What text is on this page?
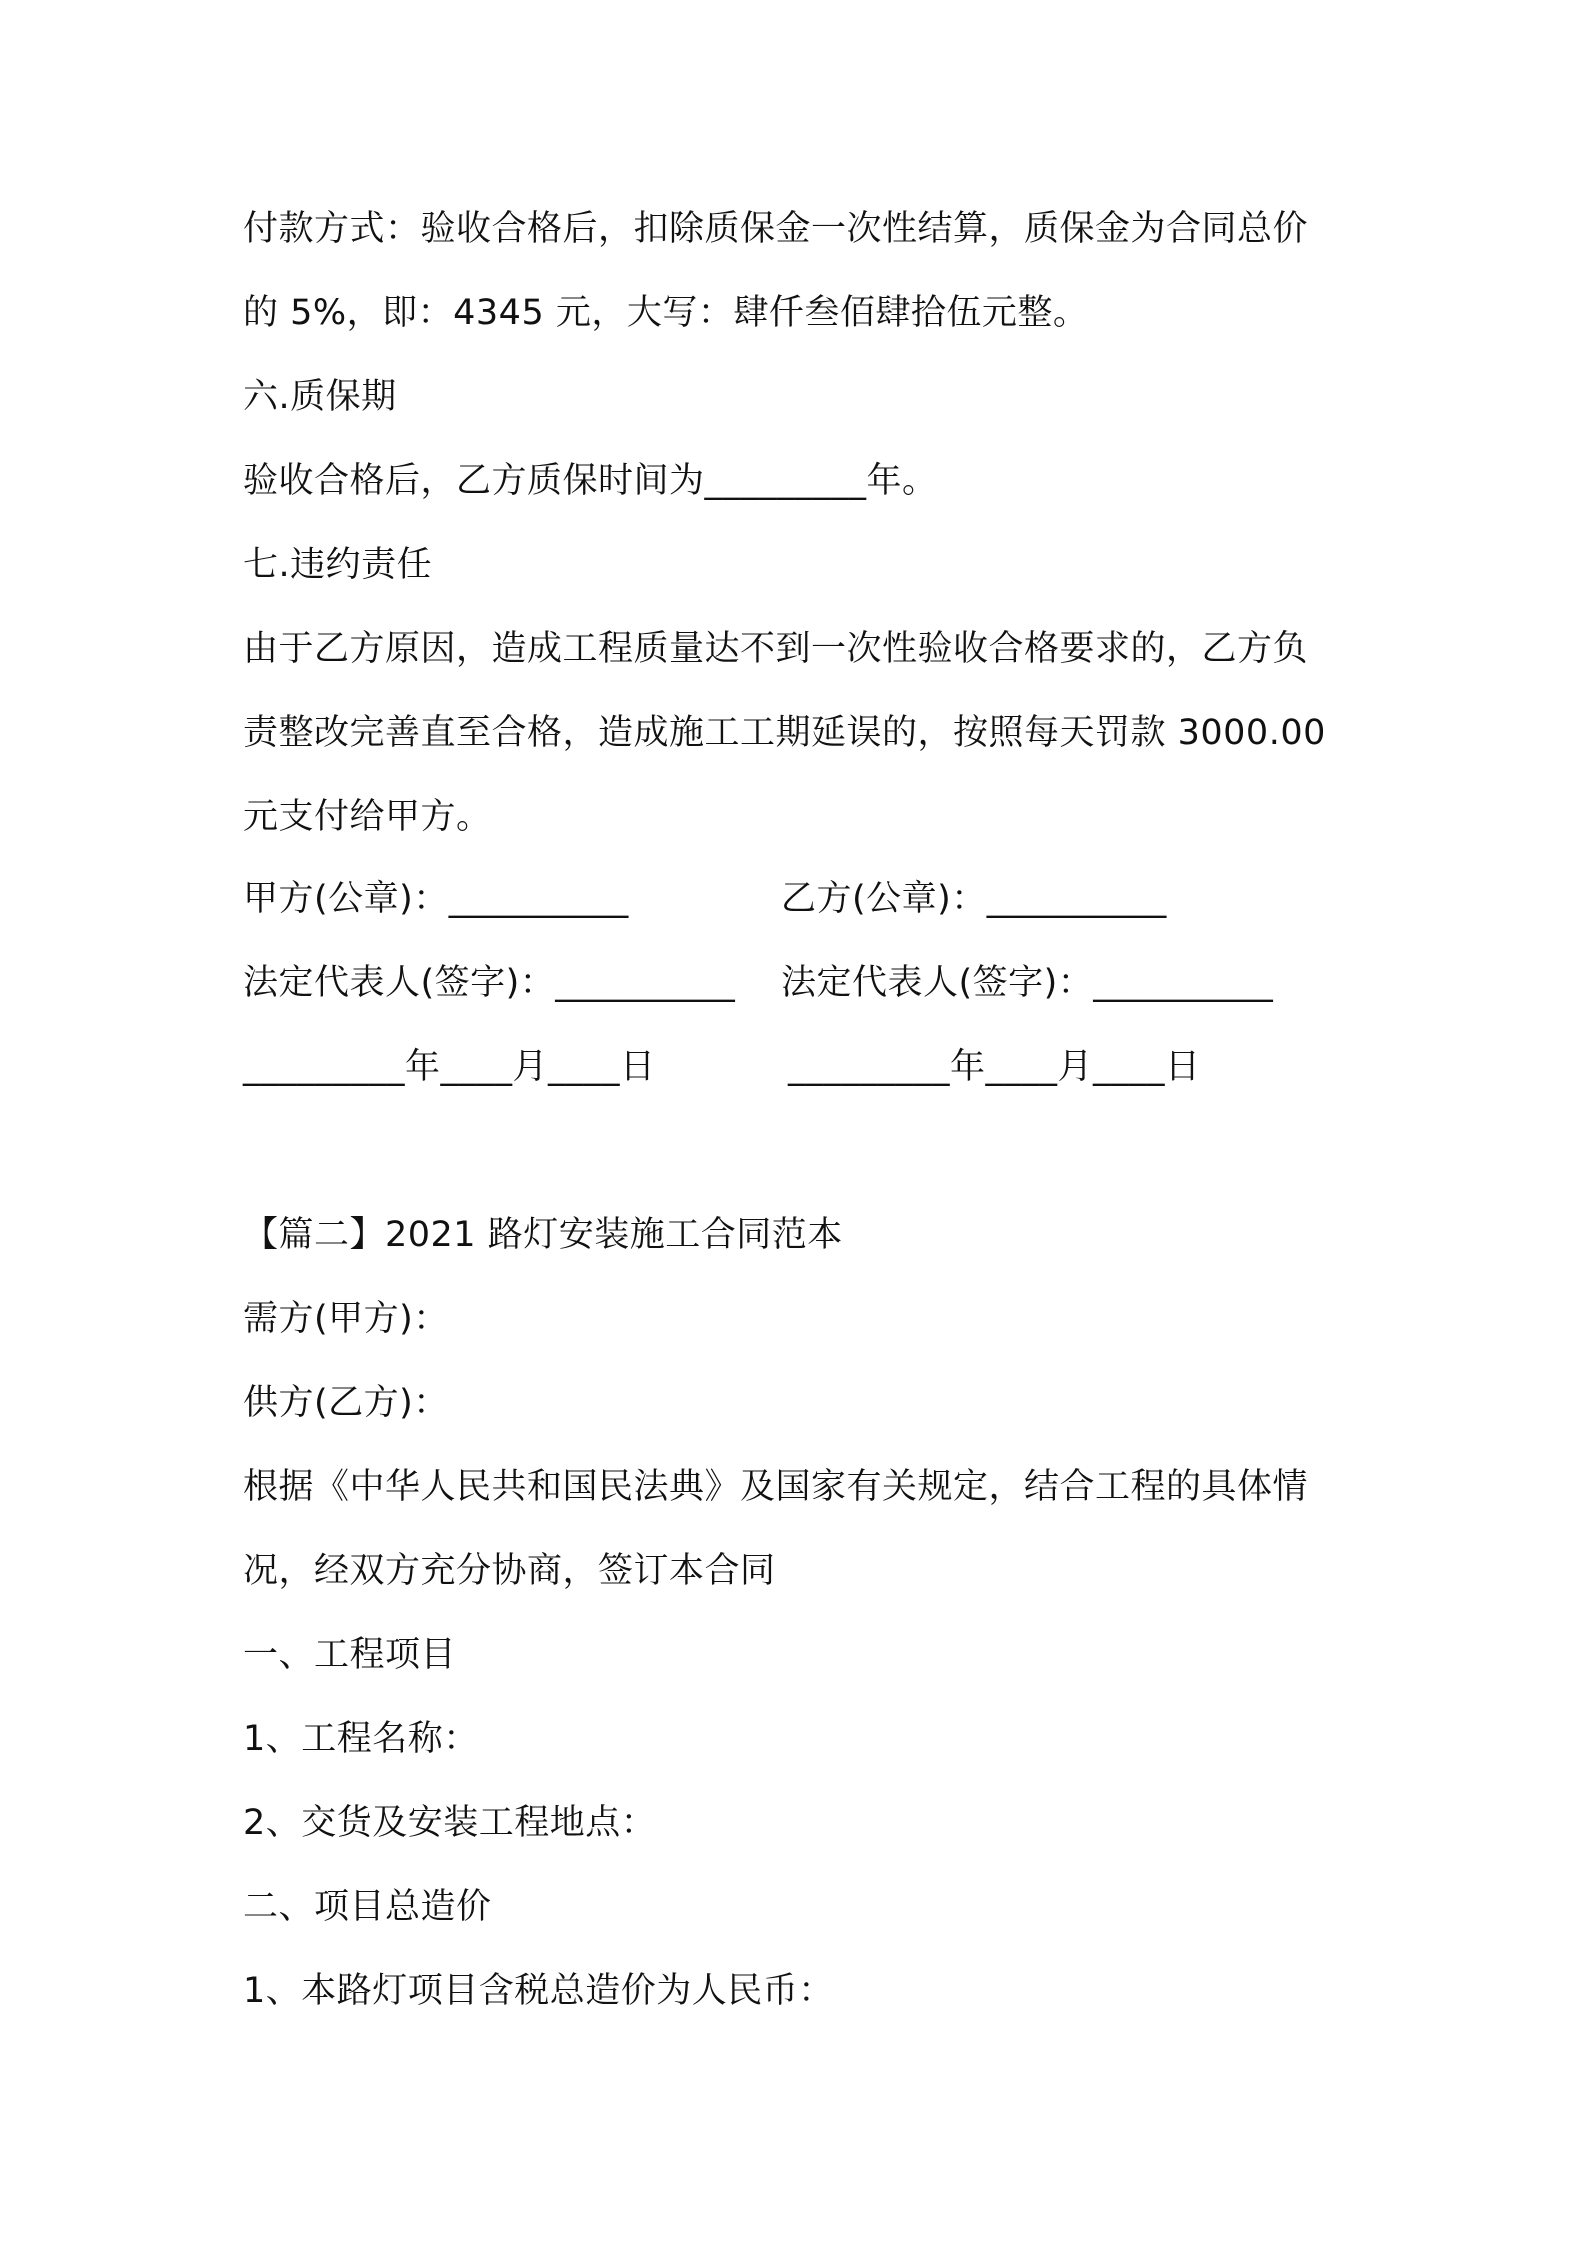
付款方式：验收合格后，扣除质保金一次性结算，质保金为合同总价
的 5%，即：4345 元，大写：肆仟叁佰肆拾伍元整。
六.质保期
验收合格后，乙方质保时间为_________年。
七.违约责任
由于乙方原因，造成工程质量达不到一次性验收合格要求的，乙方负
责整改完善直至合格，造成施工工期延误的，按照每天罚款 3000.00
元支付给甲方。
甲方(公章)：__________	乙方(公章)：__________
法定代表人(签字)：__________ 法定代表人(签字)：__________
_________年____月____日	_________年____月____日
【篇二】2021 路灯安装施工合同范本
需方(甲方)：
供方(乙方)：
根据《中华人民共和国民法典》及国家有关规定，结合工程的具体情
况，经双方充分协商，签订本合同
一、工程项目
1、工程名称：
2、交货及安装工程地点：
二、项目总造价
1、本路灯项目含税总造价为人民币：
